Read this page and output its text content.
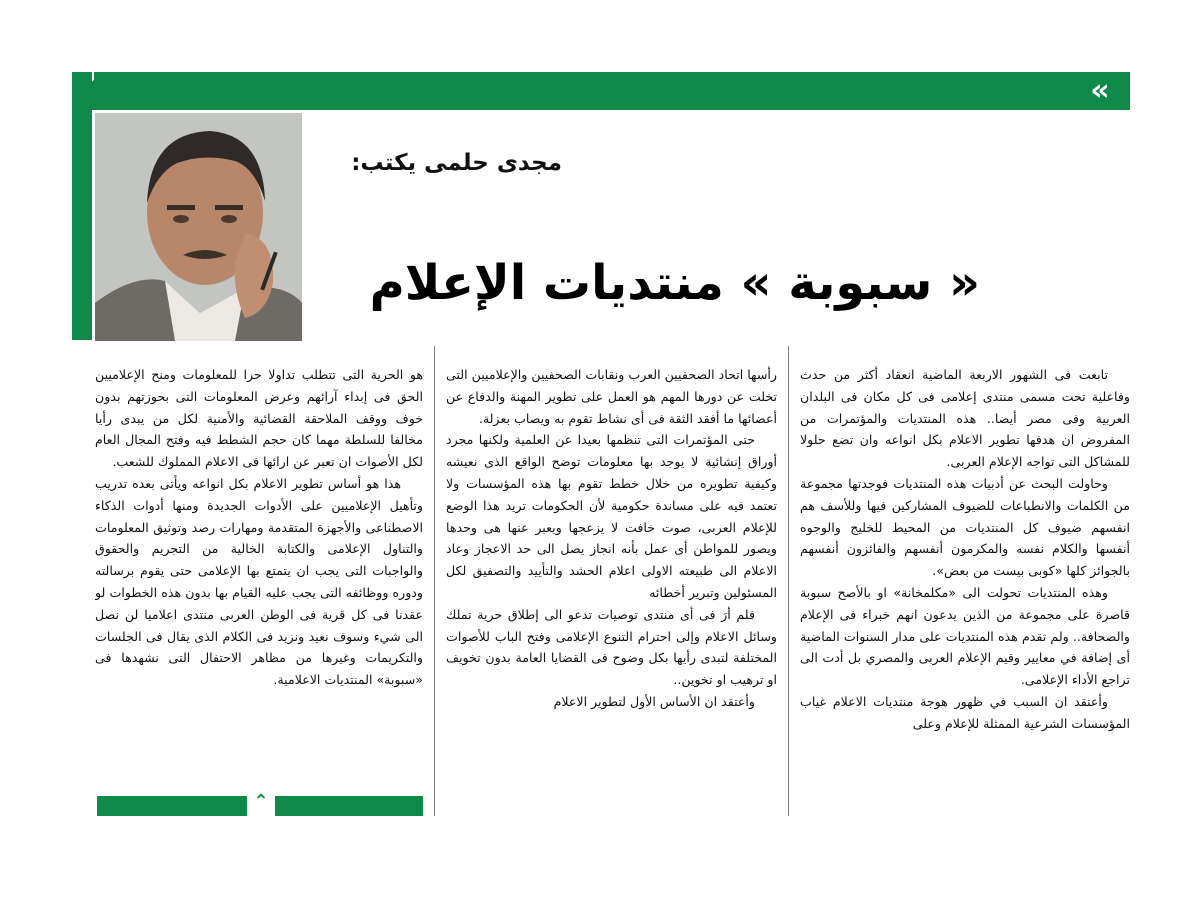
«
مجدى حلمى يكتب:
« سبوبة » منتديات الإعلام

تابعت فى الشهور الاربعة الماضية انعقاد أكثر من حدث وفاعلية تحت مسمى منتدى إعلامى فى كل مكان فى البلدان العربية وفى مصر أيضا.. هذه المنتديات والمؤتمرات من المفروض ان هدفها تطوير الاعلام بكل انواعه وان تضع حلولا للمشاكل التى تواجه الإعلام العربى.

وحاولت البحث عن أدبيات هذه المنتديات فوجدتها مجموعة من الكلمات والانطباعات للضيوف المشاركين فيها وللأسف هم انفسهم ضيوف كل المنتديات من المحيط للخليج والوجوه أنفسها والكلام نفسه والمكرمون أنفسهم والفائزون أنفسهم بالجوائز كلها «كوبى بيست من بعض».

وهذه المنتديات تحولت الى «مكلمخانة» او بالأصح سبوبة قاصرة على مجموعة من الذين يدعون انهم خبراء فى الإعلام والصحافة.. ولم تقدم هذه المنتديات على مدار السنوات الماضية أى إضافة في معايير وقيم الإعلام العربى والمصري بل أدت الى تراجع الأداء الإعلامى.

وأعتقد ان السبب في ظهور هوجة منتديات الاعلام غياب المؤسسات الشرعية الممثلة للإعلام وعلى

رأسها اتحاد الصحفيين العرب ونقابات الصحفيين والإعلاميين التى تخلت عن دورها المهم هو العمل على تطوير المهنة والدفاع عن أعضائها ما أفقد الثقة فى أى نشاط تقوم به ويصاب بعزلة.

حتى المؤتمرات التى تنظمها بعيدا عن العلمية ولكنها مجرد أوراق إنشائية لا يوجد بها معلومات توضح الواقع الذى نعيشه وكيفية تطويره من خلال خطط تقوم بها هذه المؤسسات ولا تعتمد فيه على مساندة حكومية لأن الحكومات تريد هذا الوضع للإعلام العربى، صوت خافت لا يزعجها ويعبر عنها هى وحدها ويصور للمواطن أى عمل بأنه انجاز يصل الى حد الاعجاز وعاد الاعلام الى طبيعته الاولى اعلام الحشد والتأييد والتصفيق لكل المسئولين وتبرير أخطائه

فلم أرَ فى أى منتدى توصيات تدعو الى إطلاق حرية تملك وسائل الاعلام وإلى احترام التنوع الإعلامى وفتح الباب للأصوات المختلفة لتبدى رأيها بكل وضوح فى القضايا العامة بدون تخويف او ترهيب او تخوين..

وأعتقد ان الأساس الأول لتطوير الاعلام

هو الحرية التى تتطلب تداولا حرا للمعلومات ومنح الإعلاميين الحق فى إبداء آرائهم وعرض المعلومات التى بحوزتهم بدون خوف ووقف الملاحقة القضائية والأمنية لكل من يبدى رأيا مخالفا للسلطة مهما كان حجم الشطط فيه وفتح المجال العام لكل الأصوات ان تعبر عن ارائها فى الاعلام المملوك للشعب.

هذا هو أساس تطوير الاعلام بكل انواعه ويأتى بعده تدريب وتأهيل الإعلاميين على الأدوات الجديدة ومنها أدوات الذكاء الاصطناعى والأجهزة المتقدمة ومهارات رصد وتوثيق المعلومات والتناول الإعلامى والكتابة الخالية من التجريم والحقوق والواجبات التى يجب ان يتمتع بها الإعلامى حتى يقوم برسالته ودوره ووظائفه التى يجب عليه القيام بها بدون هذه الخطوات لو عقدنا فى كل قرية فى الوطن العربى منتدى اعلاميا لن نصل الى شيء وسوف نعيد ونزيد فى الكلام الذى يقال فى الجلسات والتكريمات وغيرها من مظاهر الاحتفال التى نشهدها فى «سبوبة» المنتديات الاعلامية.

⌃
